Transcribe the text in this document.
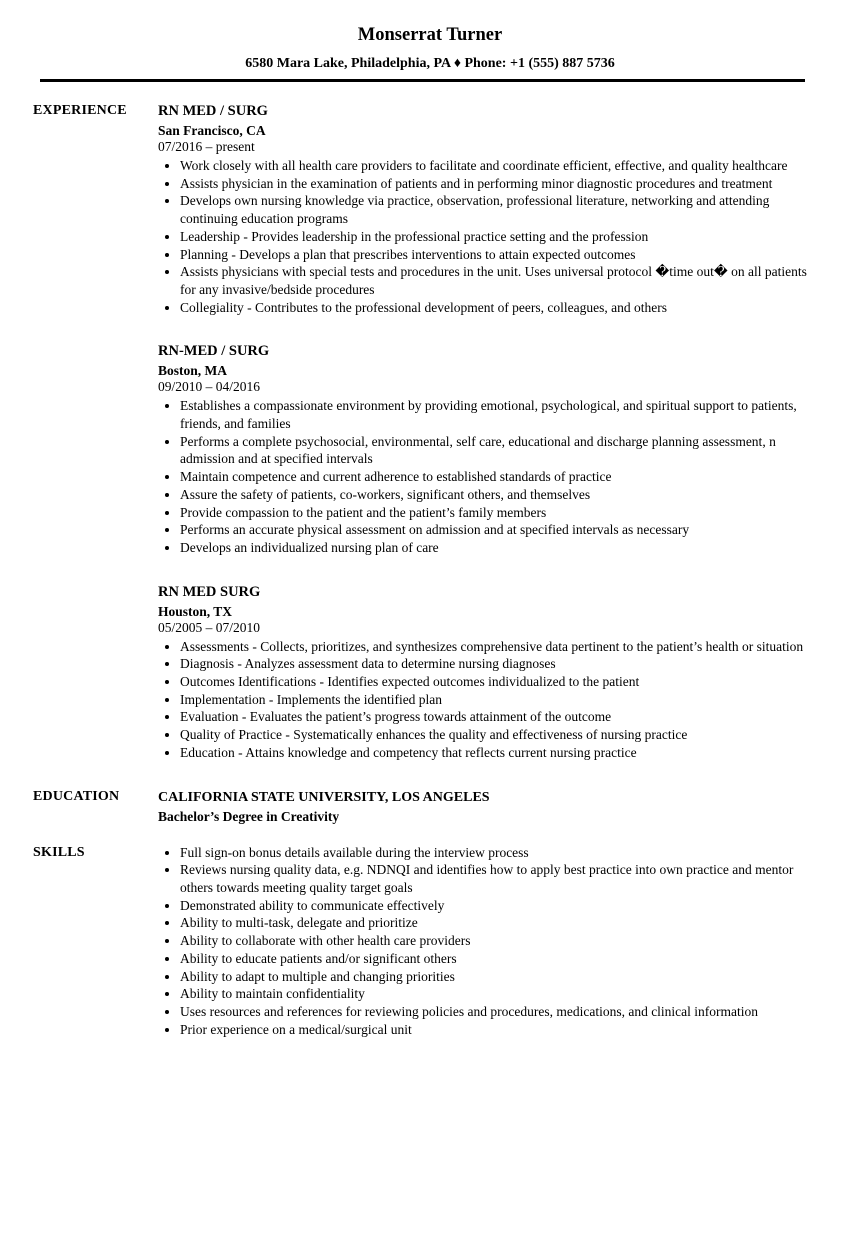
Monserrat Turner
6580 Mara Lake, Philadelphia, PA ♦ Phone: +1 (555) 887 5736
EXPERIENCE	RN MED / SURG
San Francisco, CA
07/2016 – present
• Work closely with all health care providers to facilitate and coordinate efficient, effective, and quality healthcare
• Assists physician in the examination of patients and in performing minor diagnostic procedures and treatment
• Develops own nursing knowledge via practice, observation, professional literature, networking and attending continuing education programs
• Leadership - Provides leadership in the professional practice setting and the profession
• Planning - Develops a plan that prescribes interventions to attain expected outcomes
• Assists physicians with special tests and procedures in the unit. Uses universal protocol �time out� on all patients for any invasive/bedside procedures
• Collegiality - Contributes to the professional development of peers, colleagues, and others
RN-MED / SURG
Boston, MA
09/2010 – 04/2016
• Establishes a compassionate environment by providing emotional, psychological, and spiritual support to patients, friends, and families
• Performs a complete psychosocial, environmental, self care, educational and discharge planning assessment, n admission and at specified intervals
• Maintain competence and current adherence to established standards of practice
• Assure the safety of patients, co-workers, significant others, and themselves
• Provide compassion to the patient and the patient’s family members
• Performs an accurate physical assessment on admission and at specified intervals as necessary
• Develops an individualized nursing plan of care
RN MED SURG
Houston, TX
05/2005 – 07/2010
• Assessments - Collects, prioritizes, and synthesizes comprehensive data pertinent to the patient’s health or situation
• Diagnosis - Analyzes assessment data to determine nursing diagnoses
• Outcomes Identifications - Identifies expected outcomes individualized to the patient
• Implementation - Implements the identified plan
• Evaluation - Evaluates the patient’s progress towards attainment of the outcome
• Quality of Practice - Systematically enhances the quality and effectiveness of nursing practice
• Education - Attains knowledge and competency that reflects current nursing practice
EDUCATION	CALIFORNIA STATE UNIVERSITY, LOS ANGELES
Bachelor’s Degree in Creativity
SKILLS	• Full sign-on bonus details available during the interview process
• Reviews nursing quality data, e.g. NDNQI and identifies how to apply best practice into own practice and mentor others towards meeting quality target goals
• Demonstrated ability to communicate effectively
• Ability to multi-task, delegate and prioritize
• Ability to collaborate with other health care providers
• Ability to educate patients and/or significant others
• Ability to adapt to multiple and changing priorities
• Ability to maintain confidentiality
• Uses resources and references for reviewing policies and procedures, medications, and clinical information
• Prior experience on a medical/surgical unit
